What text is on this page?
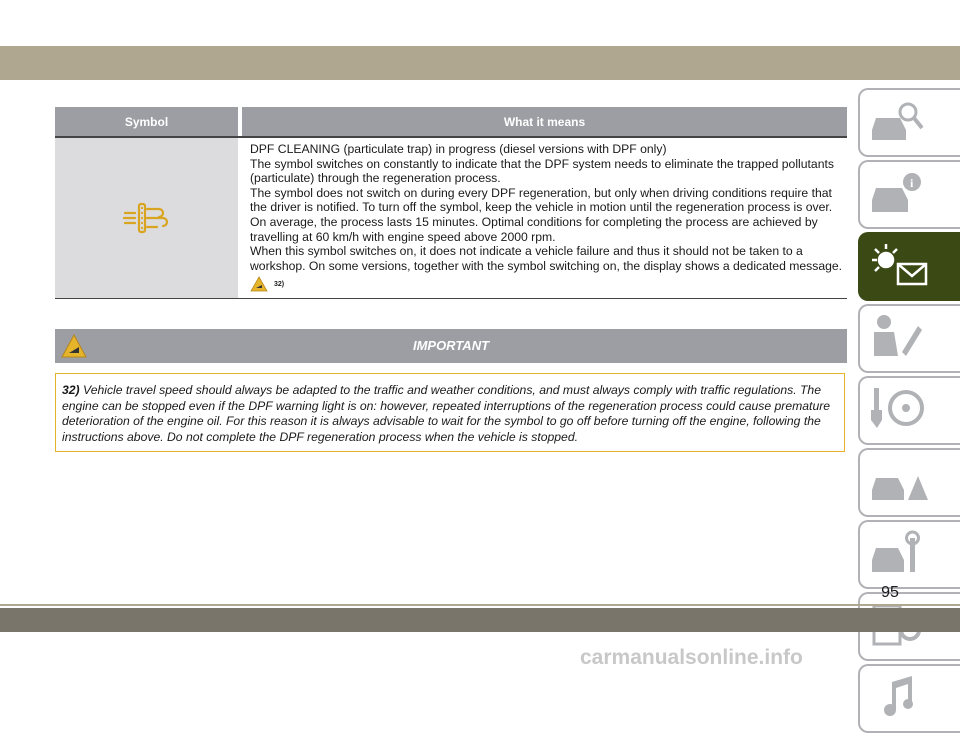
Symbol	What it means

DPF CLEANING (particulate trap) in progress (diesel versions with DPF only)

The symbol switches on constantly to indicate that the DPF system needs to eliminate the trapped pollutants (particulate) through the regeneration process.

The symbol does not switch on during every DPF regeneration, but only when driving conditions require that the driver is notified. To turn off the symbol, keep the vehicle in motion until the regeneration process is over. On average, the process lasts 15 minutes. Optimal conditions for completing the process are achieved by travelling at 60 km/h with engine speed above 2000 rpm.

When this symbol switches on, it does not indicate a vehicle failure and thus it should not be taken to a workshop. On some versions, together with the symbol switching on, the display shows a dedicated message.

32)
IMPORTANT
32) Vehicle travel speed should always be adapted to the traffic and weather conditions, and must always comply with traffic regulations. The engine can be stopped even if the DPF warning light is on: however, repeated interruptions of the regeneration process could cause premature deterioration of the engine oil. For this reason it is always advisable to wait for the symbol to go off before turning off the engine, following the instructions above. Do not complete the DPF regeneration process when the vehicle is stopped.
i
95
carmanualsonline.info
